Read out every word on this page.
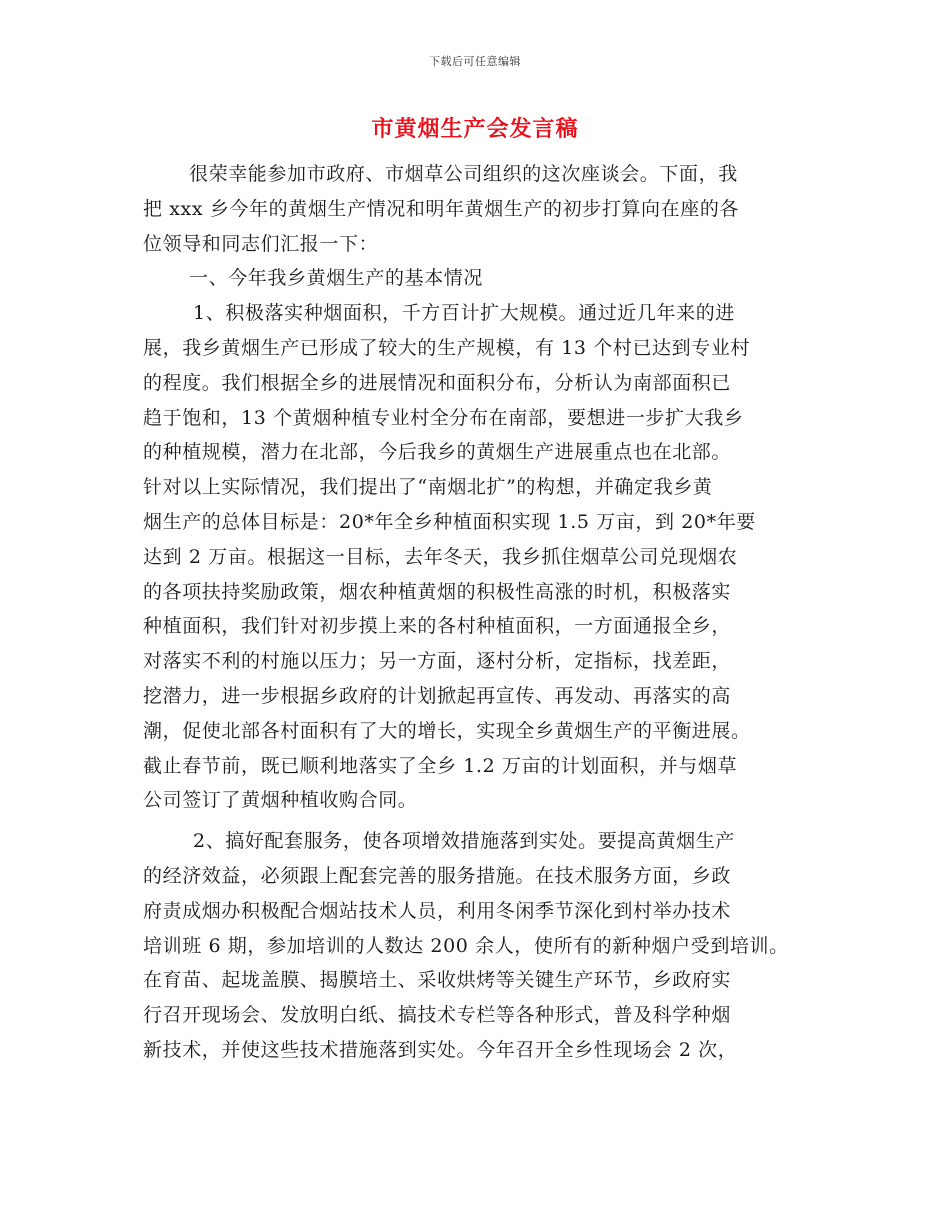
下载后可任意编辑
市黄烟生产会发言稿

很荣幸能参加市政府、市烟草公司组织的这次座谈会。下面，我
把 xxx 乡今年的黄烟生产情况和明年黄烟生产的初步打算向在座的各
位领导和同志们汇报一下：

一、今年我乡黄烟生产的基本情况

1、积极落实种烟面积，千方百计扩大规模。通过近几年来的进
展，我乡黄烟生产已形成了较大的生产规模，有 13 个村已达到专业村
的程度。我们根据全乡的进展情况和面积分布，分析认为南部面积已
趋于饱和，13 个黄烟种植专业村全分布在南部，要想进一步扩大我乡
的种植规模，潜力在北部，今后我乡的黄烟生产进展重点也在北部。
针对以上实际情况，我们提出了“南烟北扩”的构想，并确定我乡黄
烟生产的总体目标是：20*年全乡种植面积实现 1.5 万亩，到 20*年要
达到 2 万亩。根据这一目标，去年冬天，我乡抓住烟草公司兑现烟农
的各项扶持奖励政策，烟农种植黄烟的积极性高涨的时机，积极落实
种植面积，我们针对初步摸上来的各村种植面积，一方面通报全乡，
对落实不利的村施以压力；另一方面，逐村分析，定指标，找差距，
挖潜力，进一步根据乡政府的计划掀起再宣传、再发动、再落实的高
潮，促使北部各村面积有了大的增长，实现全乡黄烟生产的平衡进展。
截止春节前，既已顺利地落实了全乡 1.2 万亩的计划面积，并与烟草
公司签订了黄烟种植收购合同。

2、搞好配套服务，使各项增效措施落到实处。要提高黄烟生产
的经济效益，必须跟上配套完善的服务措施。在技术服务方面，乡政
府责成烟办积极配合烟站技术人员，利用冬闲季节深化到村举办技术
培训班 6 期，参加培训的人数达 200 余人，使所有的新种烟户受到培训。
在育苗、起垅盖膜、揭膜培土、采收烘烤等关键生产环节，乡政府实
行召开现场会、发放明白纸、搞技术专栏等各种形式，普及科学种烟
新技术，并使这些技术措施落到实处。今年召开全乡性现场会 2 次，
